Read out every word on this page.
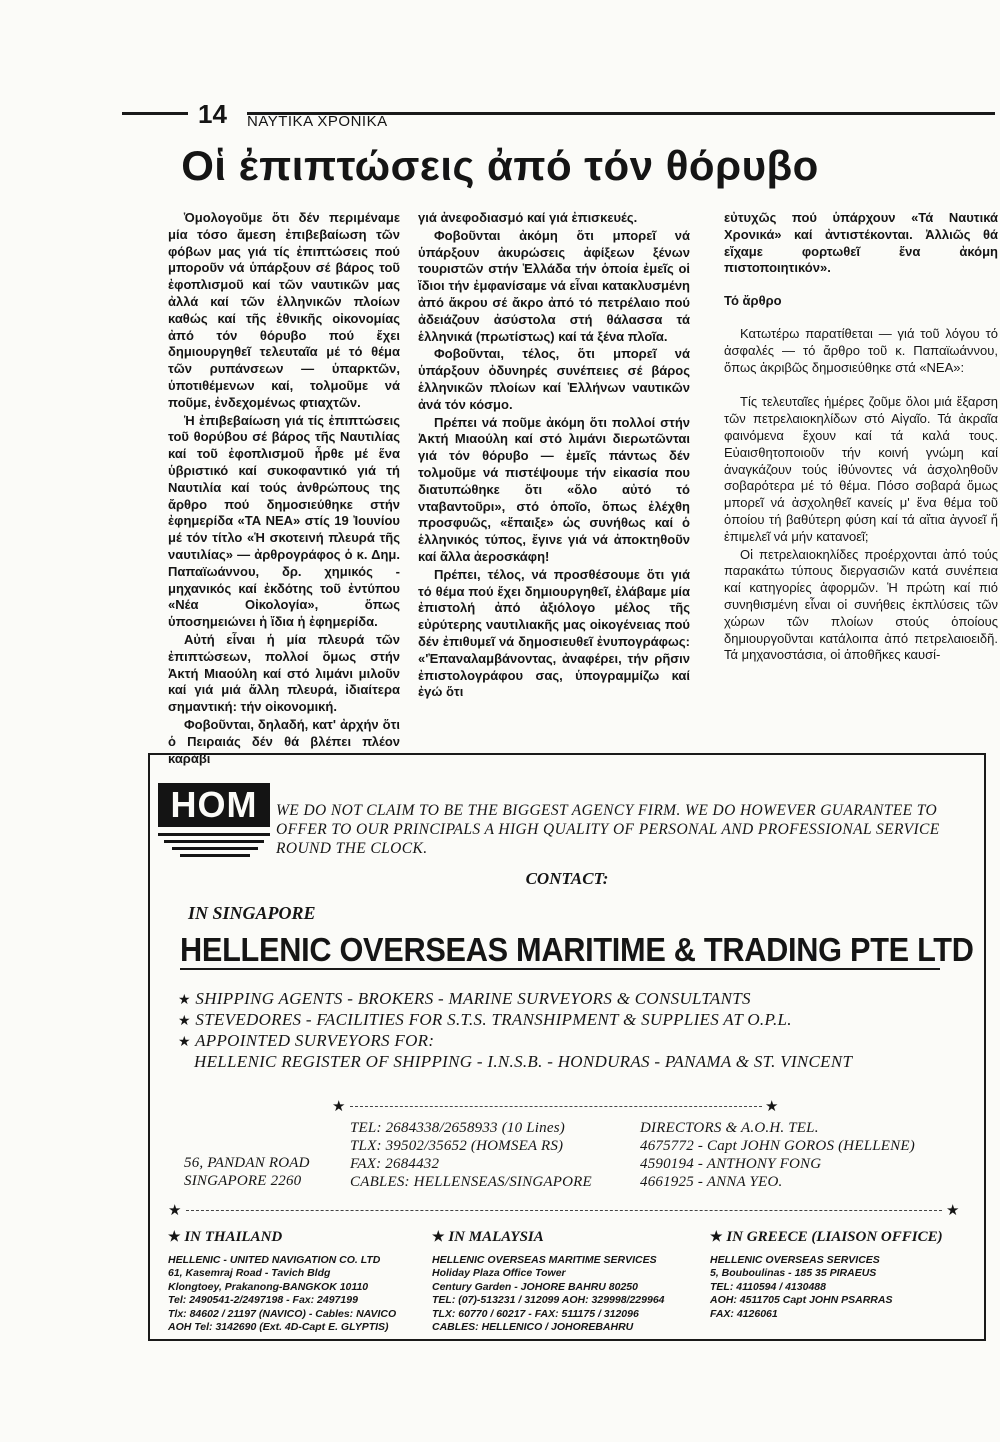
14 ΝΑΥΤΙΚΑ ΧΡΟΝΙΚΑ
Οἱ ἐπιπτώσεις ἀπό τόν θόρυβο

Ὁμολογοῦμε ὅτι δέν περιμέναμε μία τόσο ἄμεση ἐπιβεβαίωση τῶν φόβων μας γιά τίς ἐπιπτώσεις πού μποροῦν νά ὑπάρξουν σέ βάρος τοῦ ἐφοπλισμοῦ καί τῶν ναυτικῶν μας ἀλλά καί τῶν ἑλληνικῶν πλοίων καθώς καί τῆς ἐθνικῆς οἰκονομίας ἀπό τόν θόρυβο πού ἔχει δημιουργηθεῖ τελευταῖα μέ τό θέμα τῶν ρυπάνσεων — ὑπαρκτῶν, ὑποτιθέμενων καί, τολμοῦμε νά ποῦμε, ἐνδεχομένως φτιαχτῶν.

Ἡ ἐπιβεβαίωση γιά τίς ἐπιπτώσεις τοῦ θορύβου σέ βάρος τῆς Ναυτιλίας καί τοῦ ἐφοπλισμοῦ ἦρθε μέ ἕνα ὑβριστικό καί συκοφαντικό γιά τή Ναυτιλία καί τούς ἀνθρώπους της ἄρθρο πού δημοσιεύθηκε στήν ἐφημερίδα «ΤΑ ΝΕΑ» στίς 19 Ἰουνίου μέ τόν τίτλο «Ἡ σκοτεινή πλευρά τῆς ναυτιλίας» — ἀρθρογράφος ὁ κ. Δημ. Παπαϊωάννου, δρ. χημικός - μηχανικός καί ἐκδότης τοῦ ἐντύπου «Νέα Οἰκολογία», ὅπως ὑποσημειώνει ἡ ἴδια ἡ ἐφημερίδα.

Αὐτή εἶναι ἡ μία πλευρά τῶν ἐπιπτώσεων, πολλοί ὅμως στήν Ἀκτή Μιαούλη καί στό λιμάνι μιλοῦν καί γιά μιά ἄλλη πλευρά, ἰδιαίτερα σημαντική: τήν οἰκονομική.

Φοβοῦνται, δηλαδή, κατ' ἀρχήν ὅτι ὁ Πειραιάς δέν θά βλέπει πλέον καράβι

γιά ἀνεφοδιασμό καί γιά ἐπισκευές.

Φοβοῦνται ἀκόμη ὅτι μπορεῖ νά ὑπάρξουν ἀκυρώσεις ἀφίξεων ξένων τουριστῶν στήν Ἑλλάδα τήν ὁποία ἐμεῖς οἱ ἴδιοι τήν ἐμφανίσαμε νά εἶναι κατακλυσμένη ἀπό ἄκρου σέ ἄκρο ἀπό τό πετρέλαιο πού ἀδειάζουν ἀσύστολα στή θάλασσα τά ἑλληνικά (πρωτίστως) καί τά ξένα πλοῖα.

Φοβοῦνται, τέλος, ὅτι μπορεῖ νά ὑπάρξουν ὀδυνηρές συνέπειες σέ βάρος ἑλληνικῶν πλοίων καί Ἑλλήνων ναυτικῶν ἀνά τόν κόσμο.

Πρέπει νά ποῦμε ἀκόμη ὅτι πολλοί στήν Ἀκτή Μιαούλη καί στό λιμάνι διερωτῶνται γιά τόν θόρυβο — ἐμεῖς πάντως δέν τολμοῦμε νά πιστέψουμε τήν εἰκασία που διατυπώθηκε ὅτι «ὅλο αὐτό τό νταβαντοῦρι», στό ὁποῖο, ὅπως ἐλέχθη προσφυῶς, «ἔπαιξε» ὡς συνήθως καί ὁ ἑλληνικός τύπος, ἔγινε γιά νά ἀποκτηθοῦν καί ἄλλα ἀεροσκάφη!

Πρέπει, τέλος, νά προσθέσουμε ὅτι γιά τό θέμα πού ἔχει δημιουργηθεῖ, ἐλάβαμε μία ἐπιστολή ἀπό ἀξιόλογο μέλος τῆς εὐρύτερης ναυτιλιακῆς μας οἰκογένειας πού δέν ἐπιθυμεῖ νά δημοσιευθεῖ ἐνυπογράφως: «'Ἐπαναλαμβάνοντας, ἀναφέρει, τήν ρῆσιν ἐπιστολογράφου σας, ὑπογραμμίζω καί ἐγώ ὅτι

εὐτυχῶς πού ὑπάρχουν «Τά Ναυτικά Χρονικά» καί ἀντιστέκονται. Ἀλλιῶς θά εἴχαμε φορτωθεῖ ἕνα ἀκόμη πιστοποιητικόν».

Τό ἄρθρο

Κατωτέρω παρατίθεται — γιά τοῦ λόγου τό ἀσφαλές — τό ἄρθρο τοῦ κ. Παπαϊωάννου, ὅπως ἀκριβῶς δημοσιεύθηκε στά «ΝΕΑ»:

Τίς τελευταῖες ἡμέρες ζοῦμε ὅλοι μιά ἔξαρση τῶν πετρελαιοκηλίδων στό Αἰγαῖο. Τά ἀκραῖα φαινόμενα ἔχουν καί τά καλά τους. Εὐαισθητοποιοῦν τήν κοινή γνώμη καί ἀναγκάζουν τούς ἰθύνοντες νά ἀσχοληθοῦν σοβαρότερα μέ τό θέμα. Πόσο σοβαρά ὅμως μπορεῖ νά ἀσχοληθεῖ κανείς μ' ἕνα θέμα τοῦ ὁποίου τή βαθύτερη φύση καί τά αἴτια ἀγνοεῖ ἤ ἐπιμελεῖ νά μήν κατανοεῖ;

Οἱ πετρελαιοκηλίδες προέρχονται ἀπό τούς παρακάτω τύπους διεργασιῶν κατά συνέπεια καί κατηγορίες ἀφορμῶν. Ἡ πρώτη καί πιό συνηθισμένη εἶναι οἱ συνήθεις ἐκπλύσεις τῶν χώρων τῶν πλοίων στούς ὁποίους δημιουργοῦνται κατάλοιπα ἀπό πετρελαιοειδῆ. Τά μηχανοστάσια, οἱ ἀποθῆκες καυσί-

HOM	WE DO NOT CLAIM TO BE THE BIGGEST AGENCY FIRM. WE DO HOWEVER GUARANTEE TO OFFER TO OUR PRINCIPALS A HIGH QUALITY OF PERSONAL AND PROFESSIONAL SERVICE ROUND THE CLOCK.
CONTACT:
IN SINGAPORE
HELLENIC OVERSEAS MARITIME & TRADING PTE LTD
★ SHIPPING AGENTS - BROKERS - MARINE SURVEYORS & CONSULTANTS
★ STEVEDORES - FACILITIES FOR S.T.S. TRANSHIPMENT & SUPPLIES AT O.P.L.
★ APPOINTED SURVEYORS FOR:
HELLENIC REGISTER OF SHIPPING - I.N.S.B. - HONDURAS - PANAMA & ST. VINCENT
★	★
TEL: 2684338/2658933 (10 Lines)
TLX: 39502/35652 (HOMSEA RS)
FAX: 2684432
CABLES: HELLENSEAS/SINGAPORE
56, PANDAN ROAD
SINGAPORE 2260
DIRECTORS & A.O.H. TEL.
4675772 - Capt JOHN GOROS (HELLENE)
4590194 - ANTHONY FONG
4661925 - ANNA YEO.
★	★
★ IN THAILAND
HELLENIC - UNITED NAVIGATION CO. LTD
61, Kasemraj Road - Tavich Bldg
Klongtoey, Prakanong-BANGKOK 10110
Tel: 2490541-2/2497198 - Fax: 2497199
Tlx: 84602 / 21197 (NAVICO) - Cables: NAVICO
AOH Tel: 3142690 (Ext. 4D-Capt E. GLYPTIS)
★ IN MALAYSIA
HELLENIC OVERSEAS MARITIME SERVICES
Holiday Plaza Office Tower
Century Garden - JOHORE BAHRU 80250
TEL: (07)-513231 / 312099 AOH: 329998/229964
TLX: 60770 / 60217 - FAX: 511175 / 312096
CABLES: HELLENICO / JOHOREBAHRU
★ IN GREECE (LIAISON OFFICE)
HELLENIC OVERSEAS SERVICES
5, Bouboulinas - 185 35 PIRAEUS
TEL: 4110594 / 4130488
AOH: 4511705 Capt JOHN PSARRAS
FAX: 4126061
